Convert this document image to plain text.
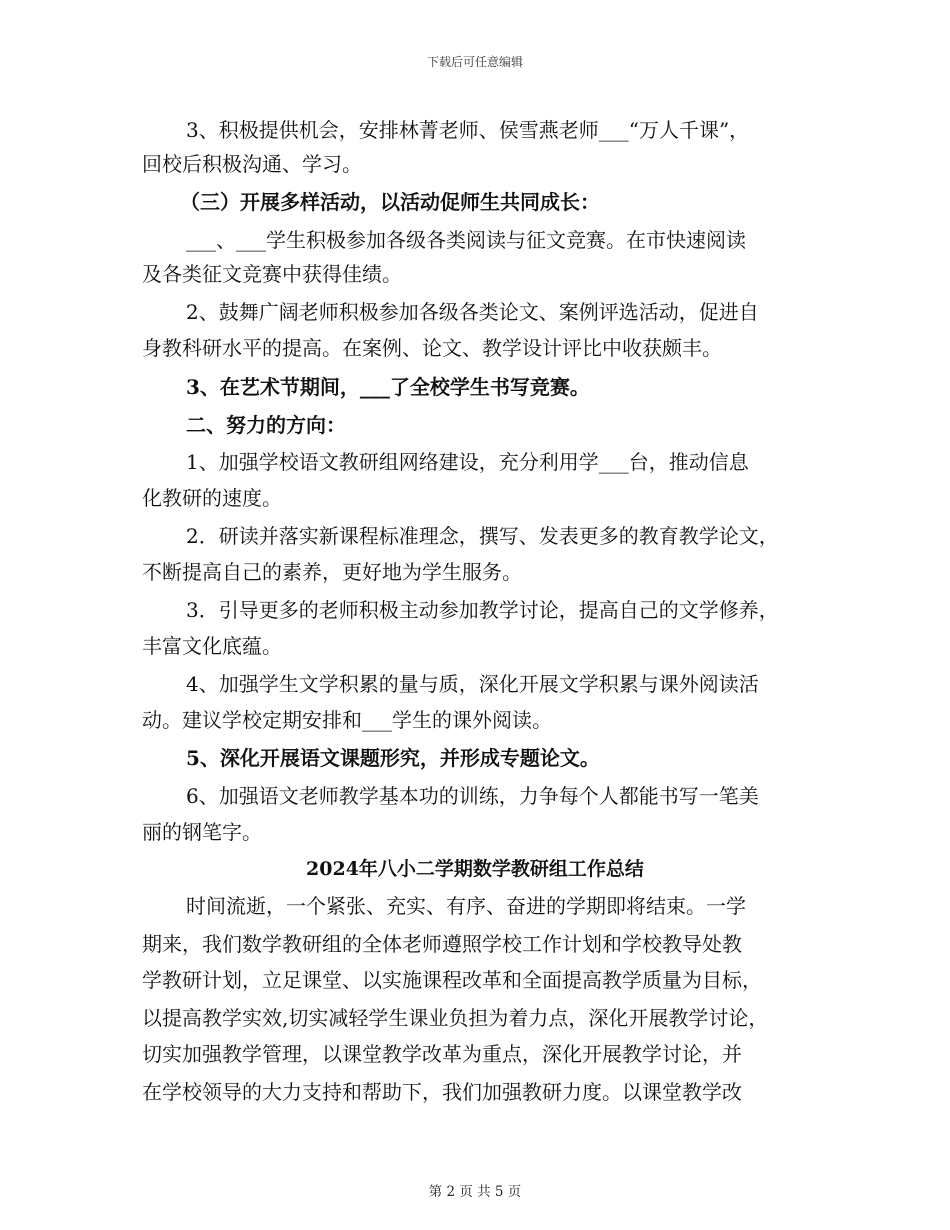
下载后可任意编辑
3、积极提供机会，安排林菁老师、侯雪燕老师___“万人千课”，
回校后积极沟通、学习。
（三）开展多样活动，以活动促师生共同成长：
___、___学生积极参加各级各类阅读与征文竞赛。在市快速阅读
及各类征文竞赛中获得佳绩。
2、鼓舞广阔老师积极参加各级各类论文、案例评选活动，促进自
身教科研水平的提高。在案例、论文、教学设计评比中收获颇丰。
3、在艺术节期间，___了全校学生书写竞赛。
二、努力的方向：
1、加强学校语文教研组网络建设，充分利用学___台，推动信息
化教研的速度。
2．研读并落实新课程标准理念，撰写、发表更多的教育教学论文，
不断提高自己的素养，更好地为学生服务。
3．引导更多的老师积极主动参加教学讨论，提高自己的文学修养，
丰富文化底蕴。
4、加强学生文学积累的量与质，深化开展文学积累与课外阅读活
动。建议学校定期安排和___学生的课外阅读。
5、深化开展语文课题形究，并形成专题论文。
6、加强语文老师教学基本功的训练，力争每个人都能书写一笔美
丽的钢笔字。
2024年八小二学期数学教研组工作总结
时间流逝，一个紧张、充实、有序、奋进的学期即将结束。一学
期来，我们数学教研组的全体老师遵照学校工作计划和学校教导处教
学教研计划，立足课堂、以实施课程改革和全面提高教学质量为目标，
以提高教学实效,切实减轻学生课业负担为着力点，深化开展教学讨论，
切实加强教学管理，以课堂教学改革为重点，深化开展教学讨论，并
在学校领导的大力支持和帮助下，我们加强教研力度。以课堂教学改
第 2 页 共 5 页
